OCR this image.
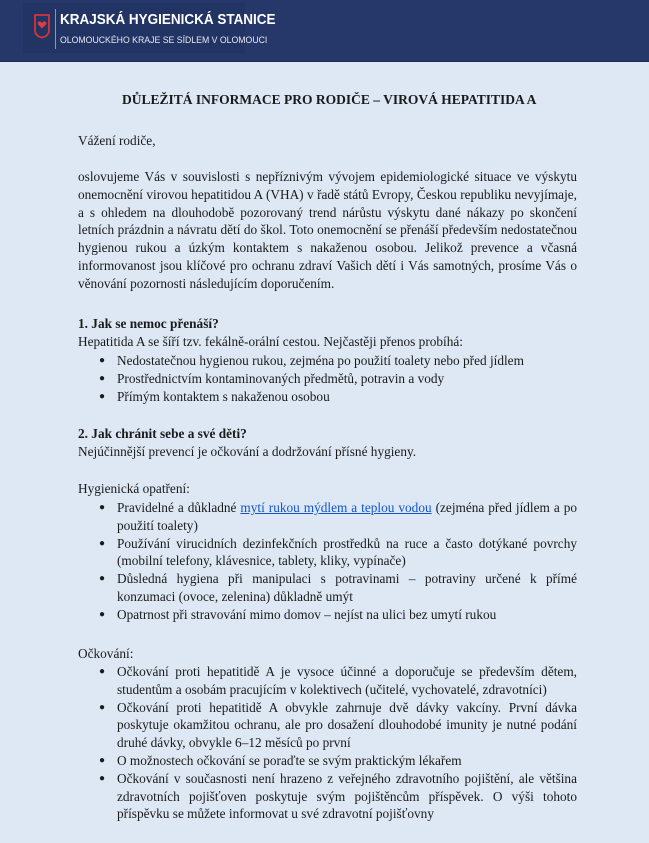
KRAJSKÁ HYGIENICKÁ STANICE
OLOMOUCKÉHO KRAJE SE SÍDLEM V OLOMOUCI
DŮLEŽITÁ INFORMACE PRO RODIČE – VIROVÁ HEPATITIDA A
Vážení rodiče,
oslovujeme Vás v souvislosti s nepříznivým vývojem epidemiologické situace ve výskytu onemocnění virovou hepatitidou A (VHA) v řadě států Evropy, Českou republiku nevyjímaje, a s ohledem na dlouhodobě pozorovaný trend nárůstu výskytu dané nákazy po skončení letních prázdnin a návratu dětí do škol. Toto onemocnění se přenáší především nedostatečnou hygienou rukou a úzkým kontaktem s nakaženou osobou. Jelikož prevence a včasná informovanost jsou klíčové pro ochranu zdraví Vašich dětí i Vás samotných, prosíme Vás o věnování pozornosti následujícím doporučením.
1. Jak se nemoc přenáší?
Hepatitida A se šíří tzv. fekálně-orální cestou. Nejčastěji přenos probíhá:
● Nedostatečnou hygienou rukou, zejména po použití toalety nebo před jídlem
● Prostřednictvím kontaminovaných předmětů, potravin a vody
● Přímým kontaktem s nakaženou osobou
2. Jak chránit sebe a své děti?
Nejúčinnější prevencí je očkování a dodržování přísné hygieny.
Hygienická opatření:
● Pravidelné a důkladné mytí rukou mýdlem a teplou vodou (zejména před jídlem a po použití toalety)
● Používání virucidních dezinfekčních prostředků na ruce a často dotýkané povrchy (mobilní telefony, klávesnice, tablety, kliky, vypínače)
● Důsledná hygiena při manipulaci s potravinami – potraviny určené k přímé konzumaci (ovoce, zelenina) důkladně umýt
● Opatrnost při stravování mimo domov – nejíst na ulici bez umytí rukou
Očkování:
● Očkování proti hepatitidě A je vysoce účinné a doporučuje se především dětem, studentům a osobám pracujícím v kolektivech (učitelé, vychovatelé, zdravotníci)
● Očkování proti hepatitidě A obvykle zahrnuje dvě dávky vakcíny. První dávka poskytuje okamžitou ochranu, ale pro dosažení dlouhodobé imunity je nutné podání druhé dávky, obvykle 6–12 měsíců po první
● O možnostech očkování se poraďte se svým praktickým lékařem
● Očkování v současnosti není hrazeno z veřejného zdravotního pojištění, ale většina zdravotních pojišťoven poskytuje svým pojištěncům příspěvek. O výši tohoto příspěvku se můžete informovat u své zdravotní pojišťovny
